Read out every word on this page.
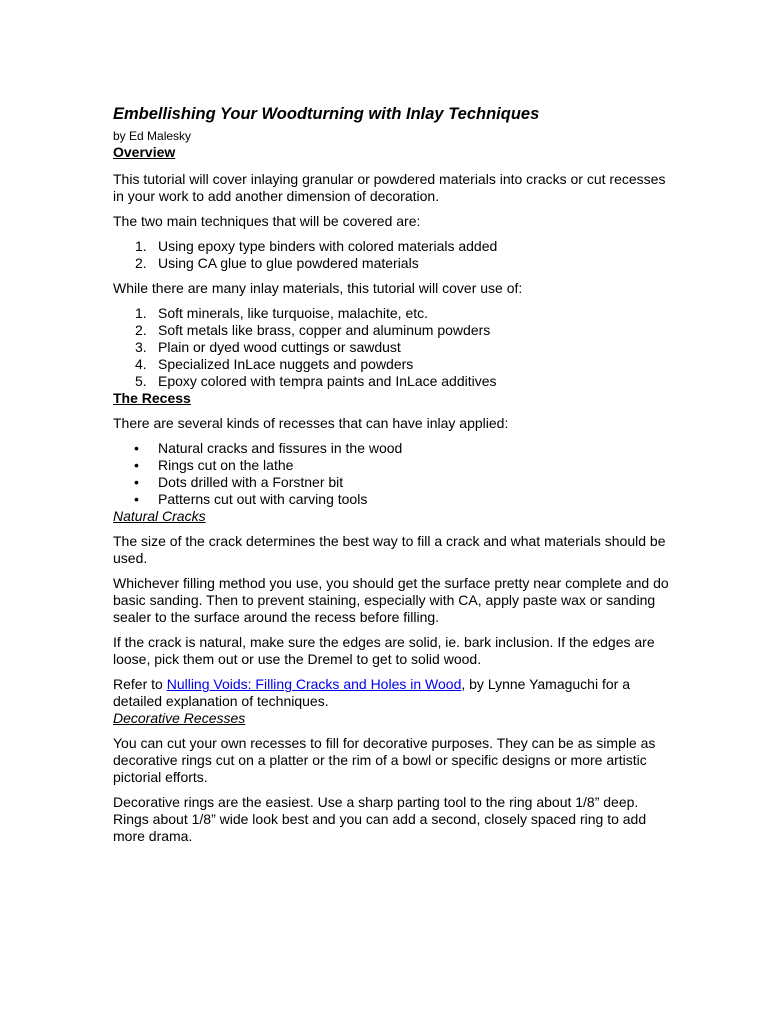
Embellishing Your Woodturning with Inlay Techniques

by Ed Malesky

Overview

This tutorial will cover inlaying granular or powdered materials into cracks or cut recesses in your work to add another dimension of decoration.

The two main techniques that will be covered are:

1. Using epoxy type binders with colored materials added
2. Using CA glue to glue powdered materials

While there are many inlay materials, this tutorial will cover use of:

1. Soft minerals, like turquoise, malachite, etc.
2. Soft metals like brass, copper and aluminum powders
3. Plain or dyed wood cuttings or sawdust
4. Specialized InLace nuggets and powders
5. Epoxy colored with tempra paints and InLace additives
The Recess

There are several kinds of recesses that can have inlay applied:

• Natural cracks and fissures in the wood
• Rings cut on the lathe
• Dots drilled with a Forstner bit
• Patterns cut out with carving tools
Natural Cracks

The size of the crack determines the best way to fill a crack and what materials should be used.

Whichever filling method you use, you should get the surface pretty near complete and do basic sanding. Then to prevent staining, especially with CA, apply paste wax or sanding sealer to the surface around the recess before filling.

If the crack is natural, make sure the edges are solid, ie. bark inclusion. If the edges are loose, pick them out or use the Dremel to get to solid wood.

Refer to Nulling Voids: Filling Cracks and Holes in Wood, by Lynne Yamaguchi for a detailed explanation of techniques.

Decorative Recesses

You can cut your own recesses to fill for decorative purposes. They can be as simple as decorative rings cut on a platter or the rim of a bowl or specific designs or more artistic pictorial efforts.

Decorative rings are the easiest. Use a sharp parting tool to the ring about 1/8” deep. Rings about 1/8” wide look best and you can add a second, closely spaced ring to add more drama.
